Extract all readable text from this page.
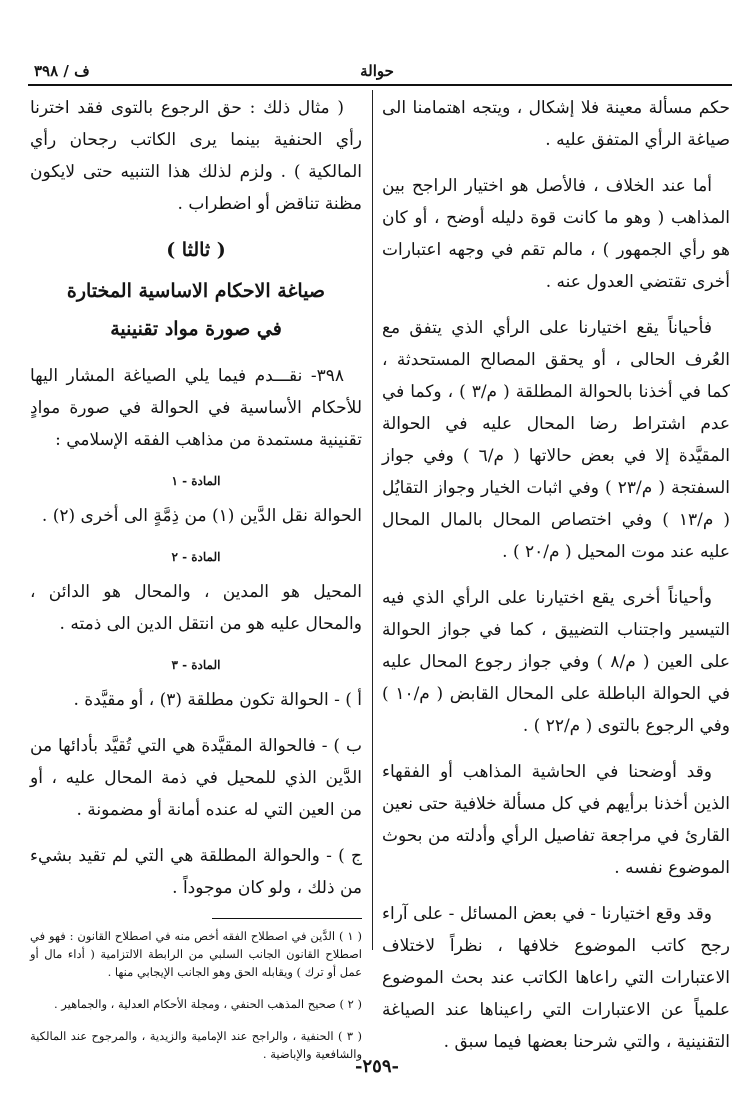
حوالة
ف / ٣٩٨

حكم مسألة معينة فلا إشكال ، ويتجه اهتمامنا الى صياغة الرأي المتفق عليه .

أما عند الخلاف ، فالأصل هو اختيار الراجح بين المذاهب ( وهو ما كانت قوة دليله أوضح ، أو كان هو رأي الجمهور ) ، مالم تقم في وجهه اعتبارات أخرى تقتضي العدول عنه .

فأحياناً يقع اختيارنا على الرأي الذي يتفق مع العُرف الحالى ، أو يحقق المصالح المستحدثة ، كما في أخذنا بالحوالة المطلقة ( م/٣ ) ، وكما في عدم اشتراط رضا المحال عليه في الحوالة المقيَّدة إلا في بعض حالاتها ( م/٦ ) وفي جواز السفتجة ( م/٢٣ ) وفي اثبات الخيار وجواز التقايُل ( م/١٣ ) وفي اختصاص المحال بالمال المحال عليه عند موت المحيل ( م/٢٠ ) .

وأحياناً أخرى يقع اختيارنا على الرأي الذي فيه التيسير واجتناب التضييق ، كما في جواز الحوالة على العين ( م/٨ ) وفي جواز رجوع المحال عليه في الحوالة الباطلة على المحال القابض ( م/١٠ ) وفي الرجوع بالتوى ( م/٢٢ ) .

وقد أوضحنا في الحاشية المذاهب أو الفقهاء الذين أخذنا برأيهم في كل مسألة خلافية حتى نعين القارئ في مراجعة تفاصيل الرأي وأدلته من بحوث الموضوع نفسه .

وقد وقع اختيارنا - في بعض المسائل - على آراء رجح كاتب الموضوع خلافها ، نظراً لاختلاف الاعتبارات التي راعاها الكاتب عند بحث الموضوع علمياً عن الاعتبارات التي راعيناها عند الصياغة التقنينية ، والتي شرحنا بعضها فيما سبق .

( مثال ذلك : حق الرجوع بالتوى فقد اخترنا رأي الحنفية بينما يرى الكاتب رجحان رأي المالكية ) . ولزم لذلك هذا التنبيه حتى لايكون مظنة تناقض أو اضطراب .

( ثالثا )
صياغة الاحكام الاساسية المختارة
في صورة مواد تقنينية

٣٩٨- نقـــدم فيما يلي الصياغة المشار اليها للأحكام الأساسية في الحوالة في صورة موادٍ تقنينية مستمدة من مذاهب الفقه الإسلامي :

المادة - ١

الحوالة نقل الدَّين (١) من ذِمَّةٍ الى أخرى (٢) .

المادة - ٢

المحيل هو المدين ، والمحال هو الدائن ، والمحال عليه هو من انتقل الدين الى ذمته .

المادة - ٣

أ ) - الحوالة تكون مطلقة (٣) ، أو مقيَّدة .

ب ) - فالحوالة المقيَّدة هي التي تُقيَّد بأدائها من الدَّين الذي للمحيل في ذمة المحال عليه ، أو من العين التي له عنده أمانة أو مضمونة .

ج ) - والحوالة المطلقة هي التي لم تقيد بشيء من ذلك ، ولو كان موجوداً .

( ١ ) الدَّين في اصطلاح الفقه أخص منه في اصطلاح القانون : فهو في اصطلاح القانون الجانب السلبي من الرابطة الالتزامية ( أداء مال أو عمل أو ترك ) ويقابله الحق وهو الجانب الإيجابي منها .

( ٢ ) صحيح المذهب الحنفي ، ومجلة الأحكام العدلية ، والجماهير .

( ٣ ) الحنفية ، والراجح عند الإمامية والزيدية ، والمرجوح عند المالكية والشافعية والإباضية .

-٢٥٩-
